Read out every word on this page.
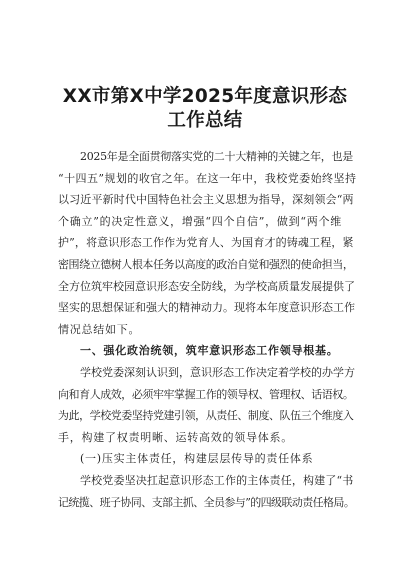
XX市第X中学2025年度意识形态
工作总结
2025年是全面贯彻落实党的二十大精神的关键之年，也是
“十四五”规划的收官之年。在这一年中，我校党委始终坚持
以习近平新时代中国特色社会主义思想为指导，深刻领会“两
个确立”的决定性意义，增强“四个自信”，做到“两个维
护”，将意识形态工作作为党育人、为国育才的铸魂工程，紧
密围绕立德树人根本任务以高度的政治自觉和强烈的使命担当，
全方位筑牢校园意识形态安全防线，为学校高质量发展提供了
坚实的思想保证和强大的精神动力。现将本年度意识形态工作
情况总结如下。
一、强化政治统领，筑牢意识形态工作领导根基。
学校党委深刻认识到，意识形态工作决定着学校的办学方
向和育人成效，必须牢牢掌握工作的领导权、管理权、话语权。
为此，学校党委坚持党建引领，从责任、制度、队伍三个维度入
手，构建了权责明晰、运转高效的领导体系。
(一)压实主体责任，构建层层传导的责任体系
学校党委坚决扛起意识形态工作的主体责任，构建了“书
记统揽、班子协同、支部主抓、全员参与”的四级联动责任格局。
